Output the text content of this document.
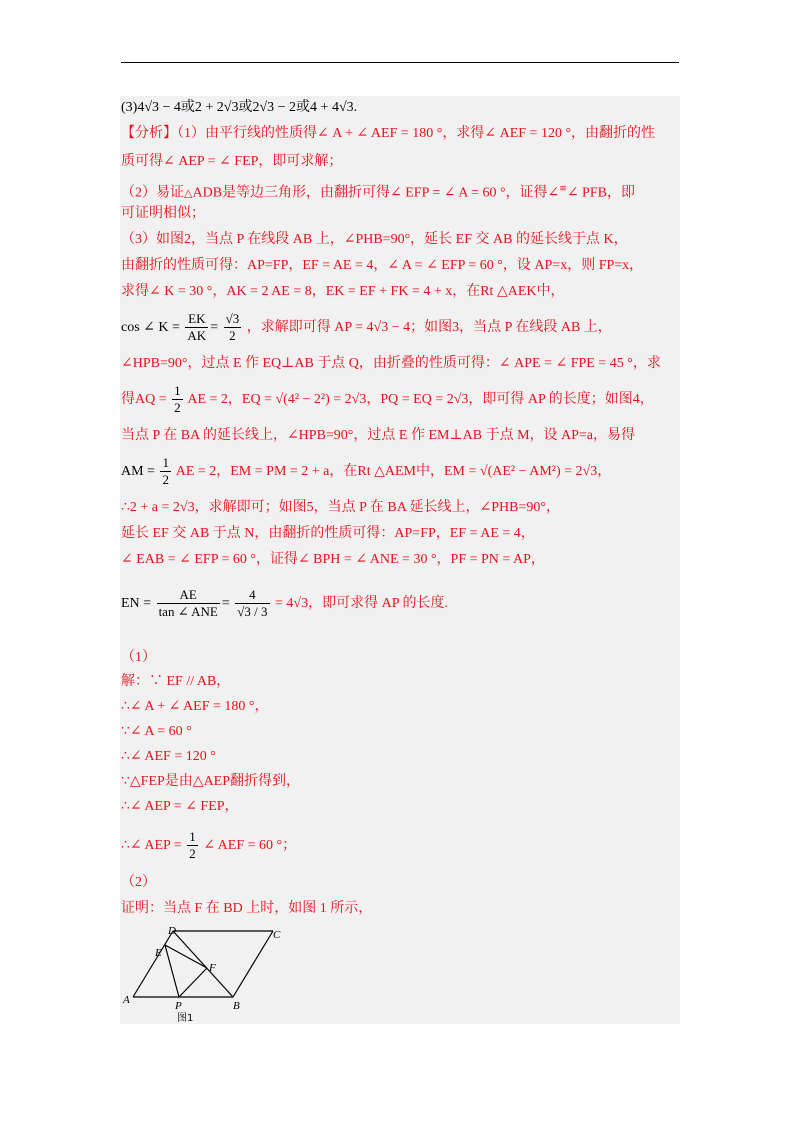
(3)4√3 − 4或2 + 2√3或2√3 − 2或4 + 4√3.
【分析】（1）由平行线的性质得∠ A + ∠ AEF = 180 °，求得∠ AEF = 120 °，由翻折的性
质可得∠ AEP = ∠ FEP，即可求解；
（2）易证△ADB是等边三角形，由翻折可得∠ EFP = ∠ A = 60 °，证得∠≌∠ PFB，即
可证明相似；
（3）如图2，当点 P 在线段 AB 上，∠PHB=90°，延长 EF 交 AB 的延长线于点 K，
由翻折的性质可得：AP=FP，EF = AE = 4，∠ A = ∠ EFP = 60 °，设 AP=x，则 FP=x，
求得∠ K = 30 °，AK = 2 AE = 8，EK = EF + FK = 4 + x，在Rt △AEK中，
cos ∠ $K = \frac{EK}{AK} = \frac{√3}{2}$ ，求解即可得 AP = 4√3 − 4；如图3，当点 P 在线段 AB 上，
∠HPB=90°，过点 E 作 EQ⊥AB 于点 Q，由折叠的性质可得：∠ APE = ∠ FPE = 45 °，求
得AQ = $\frac{1}{2}$ AE = 2，EQ = √(4² − 2²) = 2√3，PQ = EQ = 2√3，即可得 AP 的长度；如图4，
当点 P 在 BA 的延长线上，∠HPB=90°，过点 E 作 EM⊥AB 于点 M，设 AP=a，易得
AM = $\frac{1}{2}$ AE = 2，EM = PM = 2 + a，在Rt △AEM中，EM = √(AE² − AM²) = 2√3，
∴2 + a = 2√3，求解即可；如图5，当点 P 在 BA 延长线上，∠PHB=90°，
延长 EF 交 AB 于点 N，由翻折的性质可得：AP=FP，EF = AE = 4，
∠ EAB = ∠ EFP = 60 °，证得∠ BPH = ∠ ANE = 30 °，PF = PN = AP，
EN = $\frac{AE}{\text{tan ∠ ANE}} = \frac{4}{√3 / 3} = 4√3$，即可求得 AP 的长度.
（1）
解：∵ EF // AB，
∴∠ A + ∠ AEF = 180 °，
∵∠ A = 60 °
∴∠ AEF = 120 °
∵△FEP是由△AEP翻折得到，
∴∠ AEP = ∠ FEP，
∴∠ AEP = $\frac{1}{2}$ ∠ AEF = 60 °；
（2）
证明：当点 F 在 BD 上时，如图 1 所示，
A	B
C
D
E
F
P
图1
